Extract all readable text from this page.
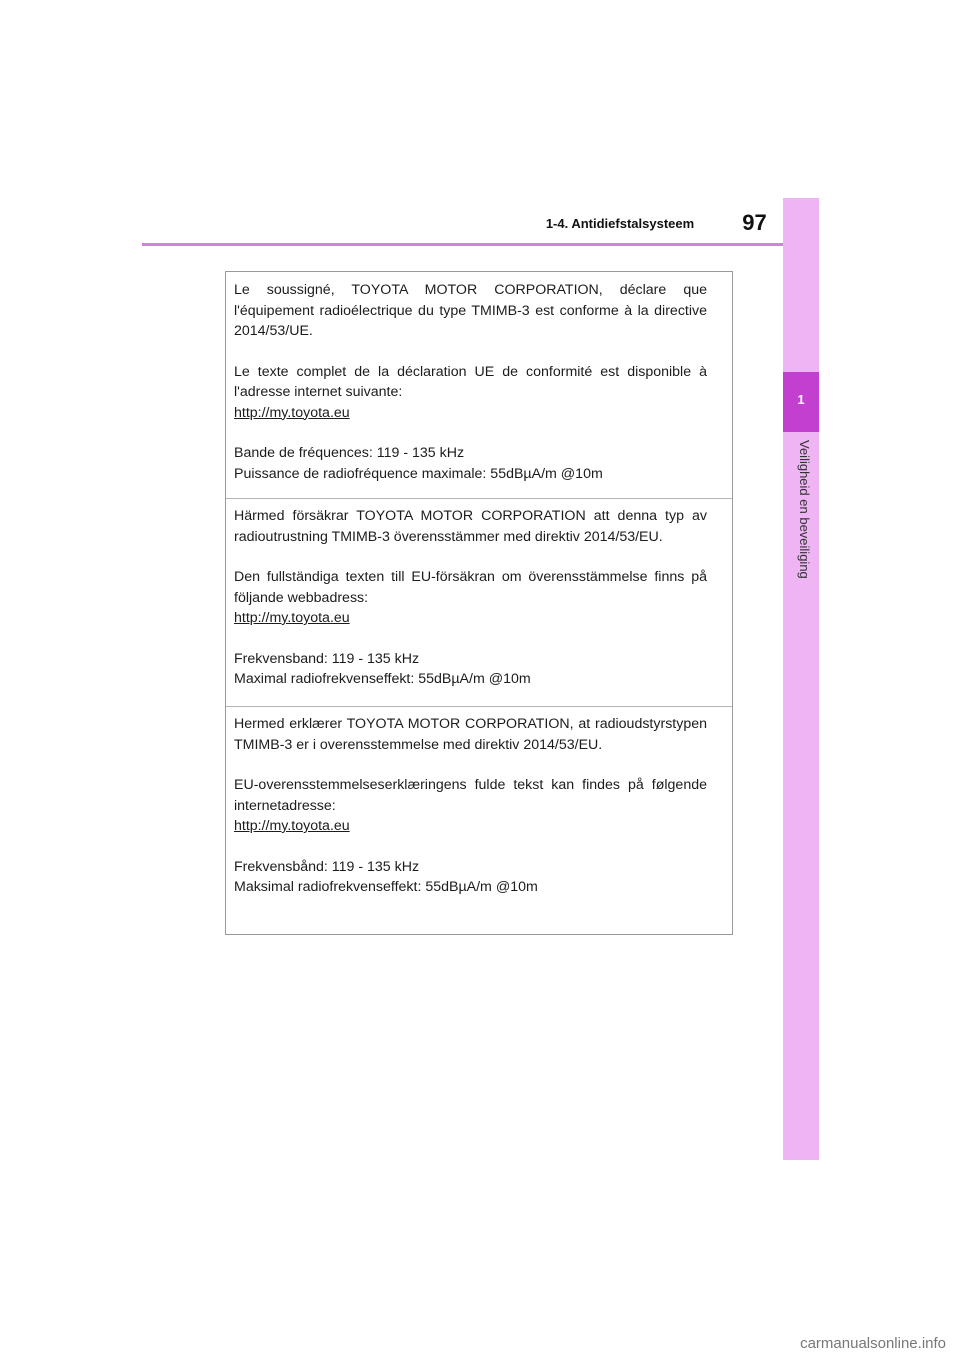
1-4. Antidiefstalsysteem	97
1
Veiligheid en beveiliging

Le soussigné, TOYOTA MOTOR CORPORATION, déclare que l'équipement radioélectrique du type TMIMB-3 est conforme à la directive 2014/53/UE.

Le texte complet de la déclaration UE de conformité est disponible à l'adresse internet suivante:

http://my.toyota.eu

Bande de fréquences: 119 - 135 kHz

Puissance de radiofréquence maximale: 55dBµA/m @10m

Härmed försäkrar TOYOTA MOTOR CORPORATION att denna typ av radioutrustning TMIMB-3 överensstämmer med direktiv 2014/53/EU.

Den fullständiga texten till EU-försäkran om överensstämmelse finns på följande webbadress:

http://my.toyota.eu

Frekvensband: 119 - 135 kHz

Maximal radiofrekvenseffekt: 55dBµA/m @10m

Hermed erklærer TOYOTA MOTOR CORPORATION, at radioudstyrstypen TMIMB-3 er i overensstemmelse med direktiv 2014/53/EU.

EU-overensstemmelseserklæringens fulde tekst kan findes på følgende internetadresse:

http://my.toyota.eu

Frekvensbånd: 119 - 135 kHz

Maksimal radiofrekvenseffekt: 55dBµA/m @10m

carmanualsonline.info
